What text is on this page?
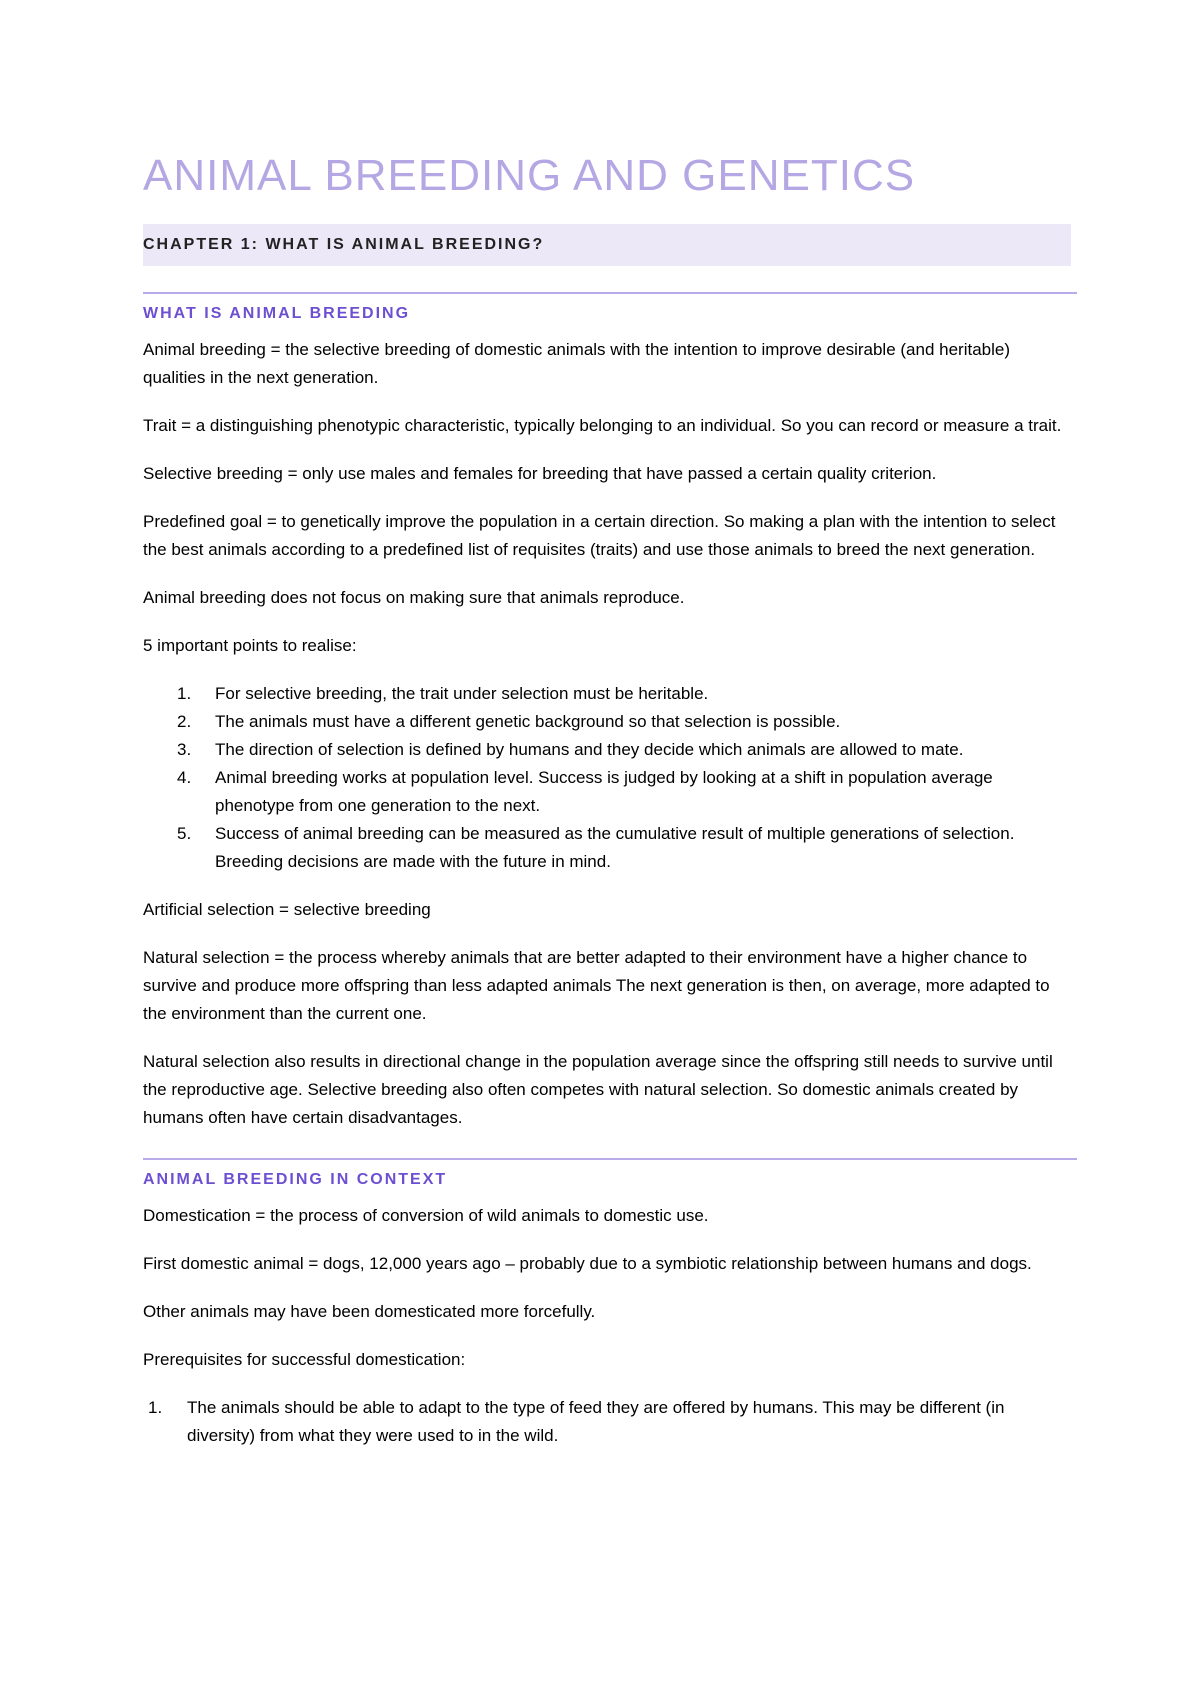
ANIMAL BREEDING AND GENETICS
CHAPTER 1: WHAT IS ANIMAL BREEDING?
WHAT IS ANIMAL BREEDING

Animal breeding = the selective breeding of domestic animals with the intention to improve desirable (and heritable) qualities in the next generation.

Trait = a distinguishing phenotypic characteristic, typically belonging to an individual. So you can record or measure a trait.

Selective breeding = only use males and females for breeding that have passed a certain quality criterion.

Predefined goal = to genetically improve the population in a certain direction. So making a plan with the intention to select the best animals according to a predefined list of requisites (traits) and use those animals to breed the next generation.

Animal breeding does not focus on making sure that animals reproduce.

5 important points to realise:

1. For selective breeding, the trait under selection must be heritable.
2. The animals must have a different genetic background so that selection is possible.
3. The direction of selection is defined by humans and they decide which animals are allowed to mate.
4. Animal breeding works at population level. Success is judged by looking at a shift in population average phenotype from one generation to the next.
5. Success of animal breeding can be measured as the cumulative result of multiple generations of selection. Breeding decisions are made with the future in mind.

Artificial selection = selective breeding

Natural selection = the process whereby animals that are better adapted to their environment have a higher chance to survive and produce more offspring than less adapted animals The next generation is then, on average, more adapted to the environment than the current one.

Natural selection also results in directional change in the population average since the offspring still needs to survive until the reproductive age. Selective breeding also often competes with natural selection. So domestic animals created by humans often have certain disadvantages.

ANIMAL BREEDING IN CONTEXT

Domestication = the process of conversion of wild animals to domestic use.

First domestic animal = dogs, 12,000 years ago – probably due to a symbiotic relationship between humans and dogs.

Other animals may have been domesticated more forcefully.

Prerequisites for successful domestication:

1. The animals should be able to adapt to the type of feed they are offered by humans. This may be different (in diversity) from what they were used to in the wild.
